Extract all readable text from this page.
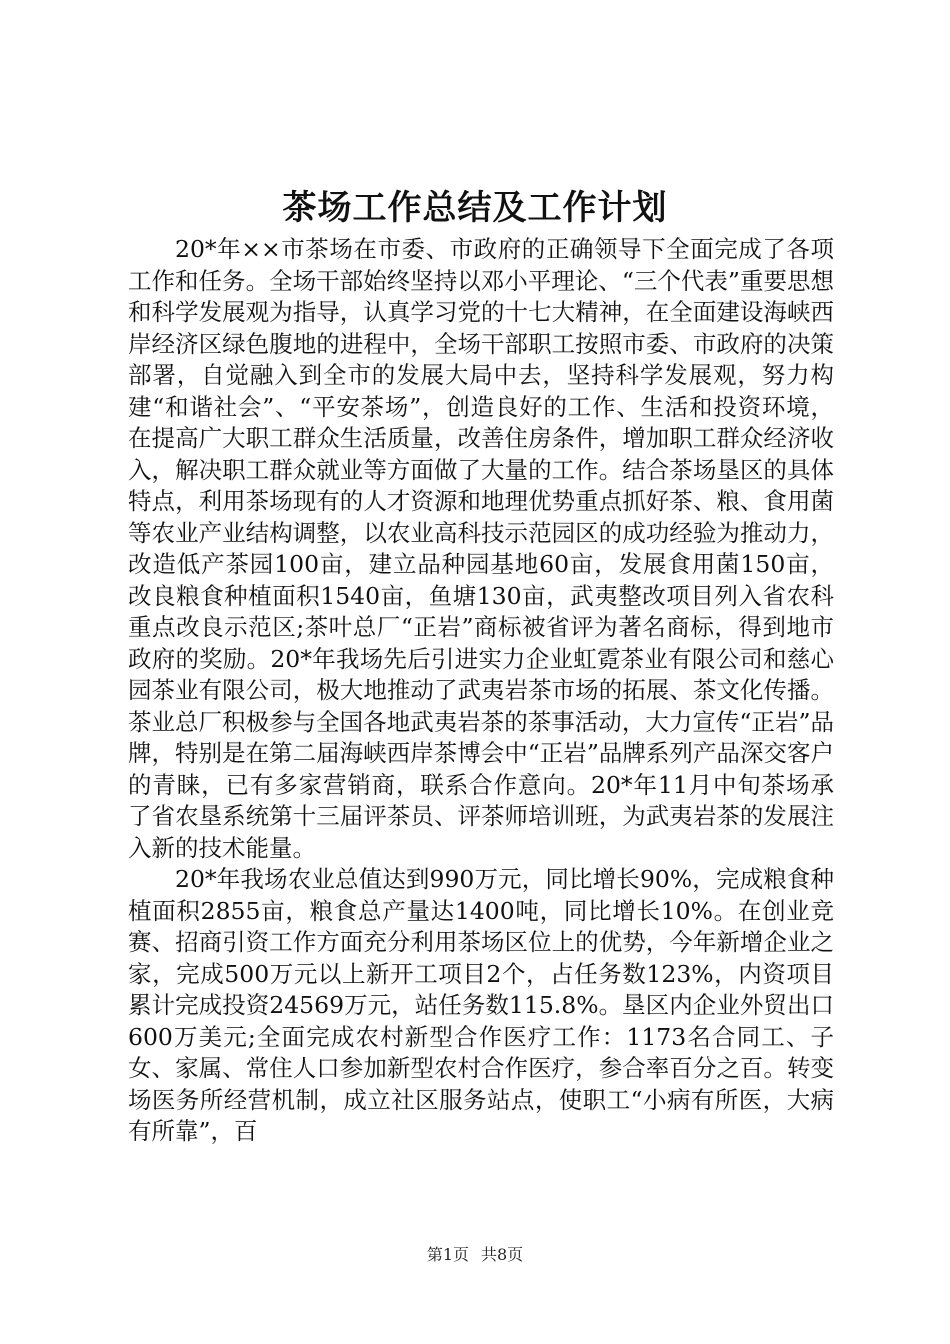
茶场工作总结及工作计划

20*年××市茶场在市委、市政府的正确领导下全面完成了各项工作和任务。全场干部始终坚持以邓小平理论、“三个代表”重要思想和科学发展观为指导，认真学习党的十七大精神，在全面建设海峡西岸经济区绿色腹地的进程中，全场干部职工按照市委、市政府的决策部署，自觉融入到全市的发展大局中去，坚持科学发展观，努力构建“和谐社会”、“平安茶场”，创造良好的工作、生活和投资环境，在提高广大职工群众生活质量，改善住房条件，增加职工群众经济收入，解决职工群众就业等方面做了大量的工作。结合茶场垦区的具体特点，利用茶场现有的人才资源和地理优势重点抓好茶、粮、食用菌等农业产业结构调整，以农业高科技示范园区的成功经验为推动力，改造低产茶园100亩，建立品种园基地60亩，发展食用菌150亩，改良粮食种植面积1540亩，鱼塘130亩，武夷整改项目列入省农科重点改良示范区;茶叶总厂“正岩”商标被省评为著名商标，得到地市政府的奖励。20*年我场先后引进实力企业虹霓茶业有限公司和慈心园茶业有限公司，极大地推动了武夷岩茶市场的拓展、茶文化传播。茶业总厂积极参与全国各地武夷岩茶的茶事活动，大力宣传“正岩”品牌，特别是在第二届海峡西岸茶博会中“正岩”品牌系列产品深交客户的青睐，已有多家营销商，联系合作意向。20*年11月中旬茶场承了省农垦系统第十三届评茶员、评茶师培训班，为武夷岩茶的发展注入新的技术能量。

20*年我场农业总值达到990万元，同比增长90%，完成粮食种植面积2855亩，粮食总产量达1400吨，同比增长10%。在创业竞赛、招商引资工作方面充分利用茶场区位上的优势，今年新增企业之家，完成500万元以上新开工项目2个，占任务数123%，内资项目累计完成投资24569万元，站任务数115.8%。垦区内企业外贸出口600万美元;全面完成农村新型合作医疗工作：1173名合同工、子女、家属、常住人口参加新型农村合作医疗，参合率百分之百。转变场医务所经营机制，成立社区服务站点，使职工“小病有所医，大病有所靠”，百

第1页 共8页
